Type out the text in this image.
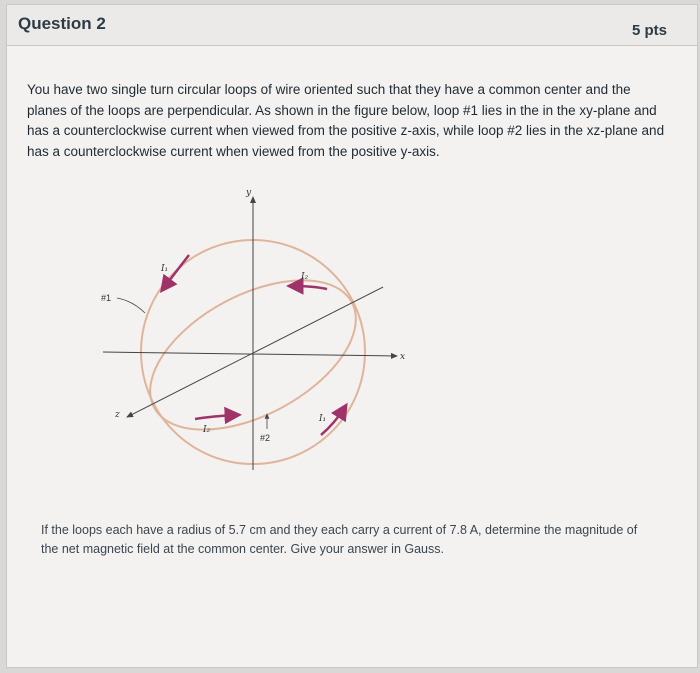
Question 2	5 pts
You have two single turn circular loops of wire oriented such that they have a common center and the planes of the loops are perpendicular. As shown in the figure below, loop #1 lies in the in the xy-plane and has a counterclockwise current when viewed from the positive z-axis, while loop #2 lies in the xz-plane and has a counterclockwise current when viewed from the positive y-axis.
y
x
z
#1
#2
I₁
I₁
I₂
I₂
If the loops each have a radius of 5.7 cm and they each carry a current of 7.8 A, determine the magnitude of the net magnetic field at the common center. Give your answer in Gauss.
